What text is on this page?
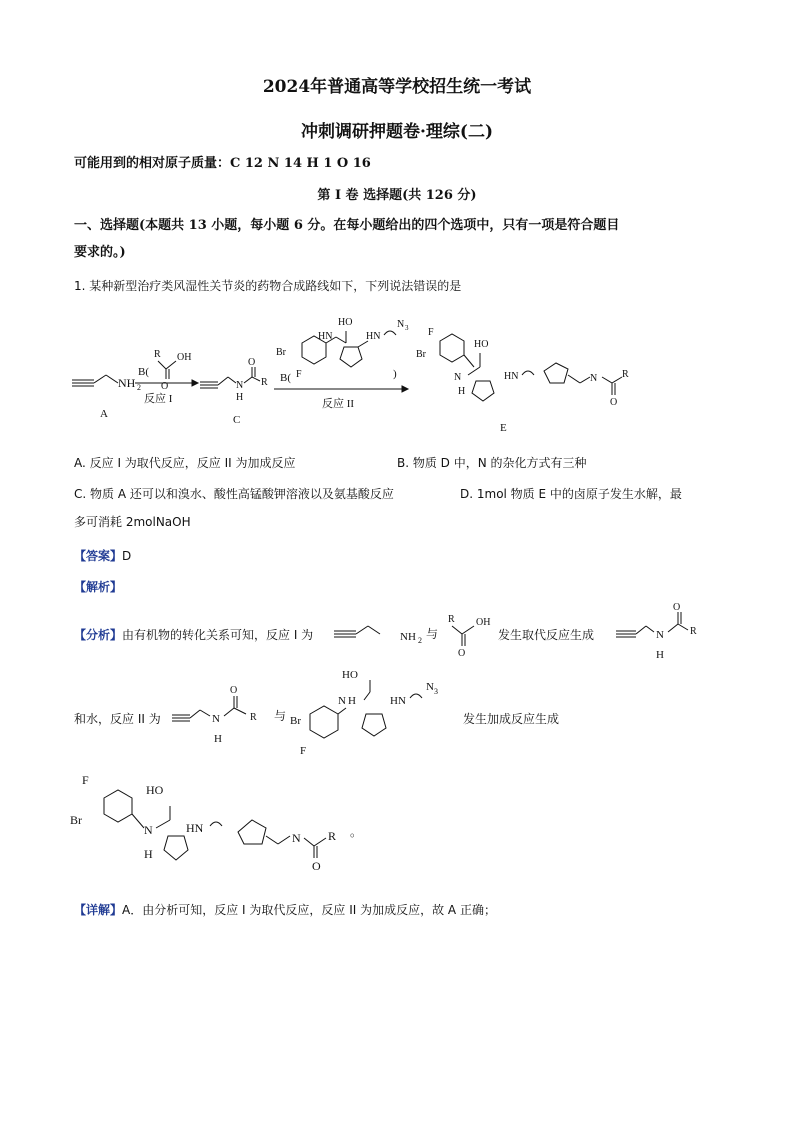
2024年普通高等学校招生统一考试
冲刺调研押题卷·理综(二)
可能用到的相对原子质量：C 12 N 14 H 1 O 16
第 I 卷 选择题(共 126 分)
一、选择题(本题共 13 小题，每小题 6 分。在每小题给出的四个选项中，只有一项是符合题目
要求的。)
1. 某种新型治疗类风湿性关节炎的药物合成路线如下，下列说法错误的是
NH 2
A
B(
R
O
OH
反应 I
N
H
O
R
C
B(
Br
F
HN
HO
HN
N 3
)
反应 II
F
Br
N
H
HO
HN	N
O
R
E
A. 反应 I 为取代反应，反应 II 为加成反应	B. 物质 D 中，N 的杂化方式有三种
C. 物质 A 还可以和溴水、酸性高锰酸钾溶液以及氨基酸反应	D. 1mol 物质 E 中的卤原子发生水解，最
多可消耗 2molNaOH
【答案】D
【解析】
【分析】由有机物的转化关系可知，反应 I 为	NH 2 与
R
O
OH
N
H
O
R
发生取代反应生成
和水，反应 II 为	N
H
O
R 与 Br
F
N H
HO
HN
N 3
发生加成反应生成
F
Br
N
H
HO
HN
N
O
R 。
【详解】A．由分析可知，反应 I 为取代反应，反应 II 为加成反应，故 A 正确；
